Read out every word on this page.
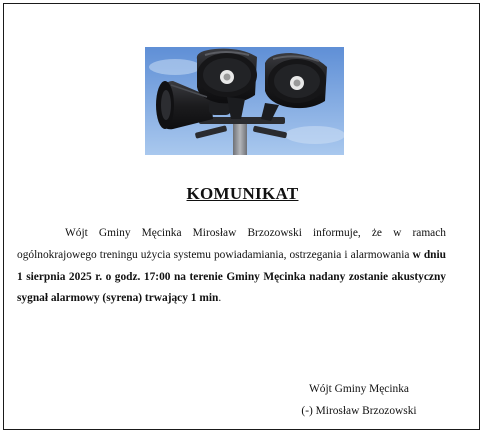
KOMUNIKAT

Wójt Gminy Męcinka Mirosław Brzozowski informuje, że w ramach ogólnokrajowego treningu użycia systemu powiadamiania, ostrzegania i alarmowania w dniu 1 sierpnia 2025 r. o godz. 17:00 na terenie Gminy Męcinka nadany zostanie akustyczny sygnał alarmowy (syrena) trwający 1 min.

Wójt Gminy Męcinka
(-) Mirosław Brzozowski
